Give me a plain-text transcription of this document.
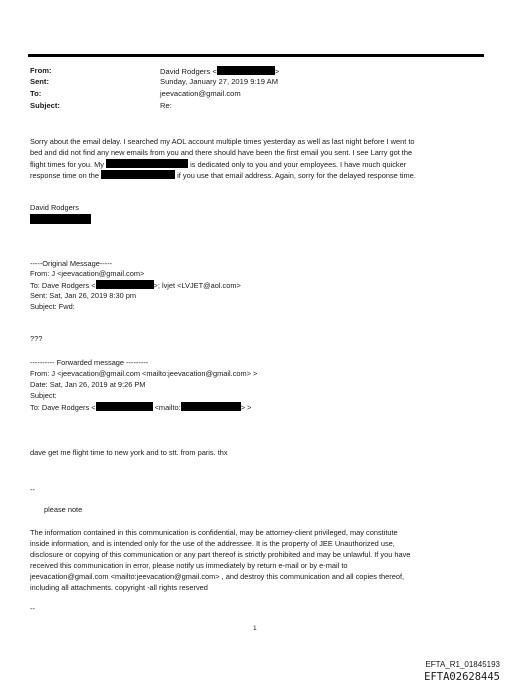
From:	David Rodgers <	>
Sent:	Sunday, January 27, 2019 9:19 AM
To:	jeevacation@gmail.com
Subject:	Re:
Sorry about the email delay. I searched my AOL account multiple times yesterday as well as last night before I went to
bed and did not find any new emails from you and there should have been the first email you sent. I see Larry got the
flight times for you. My	is dedicated only to you and your employees. I have much quicker
response time on the	if you use that email address. Again, sorry for the delayed response time.
David Rodgers
-----Original Message-----
From: J <jeevacation@gmail.com>
To: Dave Rodgers <	>; lvjet <LVJET@aol.com>
Sent: Sat, Jan 26, 2019 8:30 pm
Subject: Fwd:
???
---------- Forwarded message ---------
From: J <jeevacation@gmail.com <mailto:jeevacation@gmail.com> >
Date: Sat, Jan 26, 2019 at 9:26 PM
Subject:
To: Dave Rodgers <	<mailto:	> >
dave get me flight time to new york and to stt. from paris. thx
--
please note
The information contained in this communication is confidential, may be attorney-client privileged, may constitute
inside information, and is intended only for the use of the addressee. It is the property of JEE Unauthorized use,
disclosure or copying of this communication or any part thereof is strictly prohibited and may be unlawful. If you have
received this communication in error, please notify us immediately by return e-mail or by e-mail to
jeevacation@gmail.com <mailto:jeevacation@gmail.com> , and destroy this communication and all copies thereof,
including all attachments. copyright -all rights reserved
--
1
EFTA_R1_01845193
EFTA02628445
